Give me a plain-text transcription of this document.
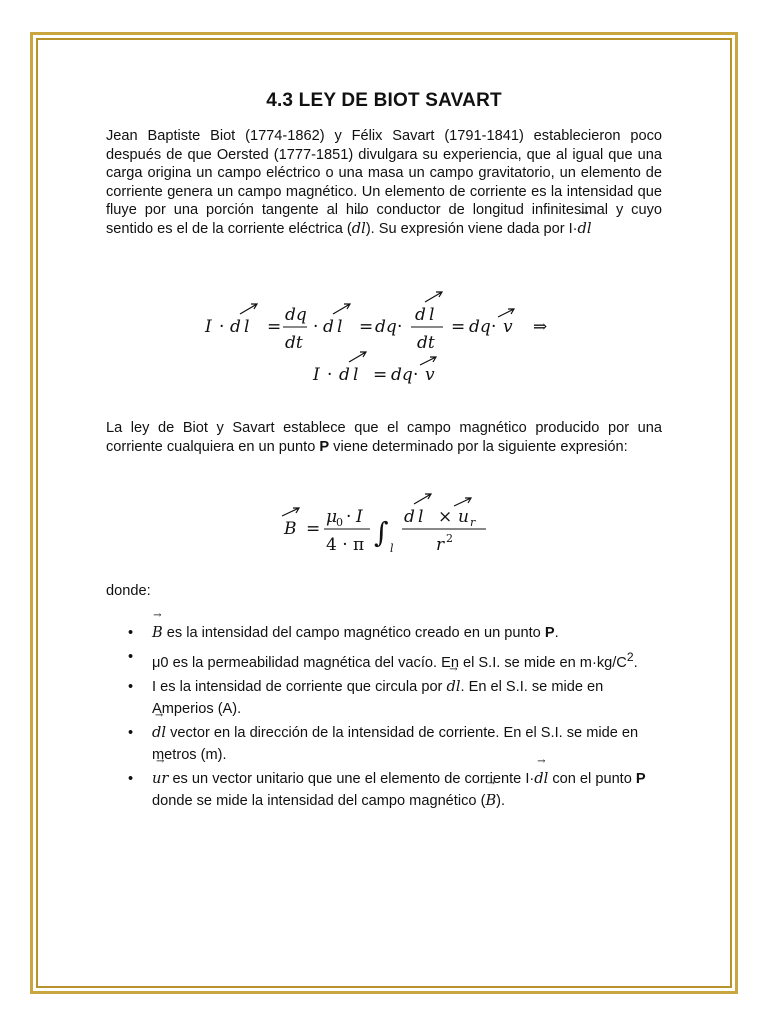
4.3 LEY DE BIOT SAVART

Jean Baptiste Biot (1774-1862) y Félix Savart (1791-1841) establecieron poco después de que Oersted (1777-1851) divulgara su experiencia, que al igual que una carga origina un campo eléctrico o una masa un campo gravitatorio, un elemento de corriente genera un campo magnético. Un elemento de corriente es la intensidad que fluye por una porción tangente al hilo conductor de longitud infinitesimal y cuyo sentido es el de la corriente eléctrica (dl →). Su expresión viene dada por I·dl →

I · d l =
dq
dt
· d l = dq ·
d l
dt
= dq · v ⇒
I · d l = dq · v

La ley de Biot y Savart establece que el campo magnético producido por una corriente cualquiera en un punto P viene determinado por la siguiente expresión:

B =
μ
0 · I
4 · π ∫ l
d l × u r
r 2
donde:
• B → es la intensidad del campo magnético creado en un punto P.
• μ0 es la permeabilidad magnética del vacío. En el S.I. se mide en $m\cdot kg/C^2$.
• I es la intensidad de corriente que circula por dl →. En el S.I. se mide en Amperios (A).
• dl → vector en la dirección de la intensidad de corriente. En el S.I. se mide en metros (m).
• ur → es un vector unitario que une el elemento de corriente I·dl → con el punto P donde se mide la intensidad del campo magnético (B →).
